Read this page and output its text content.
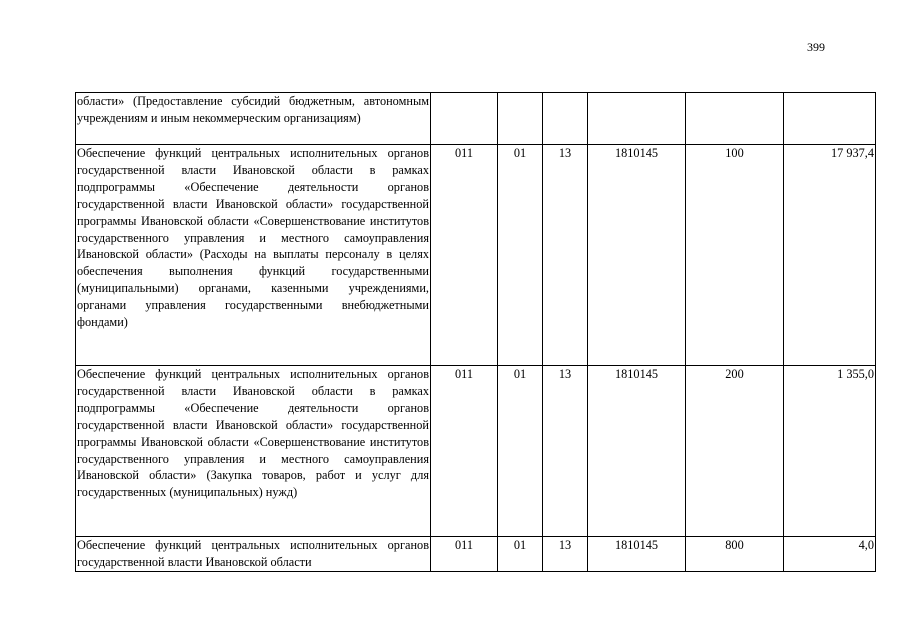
399
области» (Предоставление субсидий бюджетным, автономным учреждениям и иным некоммерческим организациям)						
Обеспечение функций центральных исполнительных органов государственной власти Ивановской области в рамках подпрограммы «Обеспечение деятельности органов государственной власти Ивановской области» государственной программы Ивановской области «Совершенствование институтов государственного управления и местного самоуправления Ивановской области» (Расходы на выплаты персоналу в целях обеспечения выполнения функций государственными (муниципальными) органами, казенными учреждениями, органами управления государственными внебюджетными фондами)	011	01	13	1810145	100	17 937,4
Обеспечение функций центральных исполнительных органов государственной власти Ивановской области в рамках подпрограммы «Обеспечение деятельности органов государственной власти Ивановской области» государственной программы Ивановской области «Совершенствование институтов государственного управления и местного самоуправления Ивановской области» (Закупка товаров, работ и услуг для государственных (муниципальных) нужд)	011	01	13	1810145	200	1 355,0
Обеспечение функций центральных исполнительных органов государственной власти Ивановской области	011	01	13	1810145	800	4,0
